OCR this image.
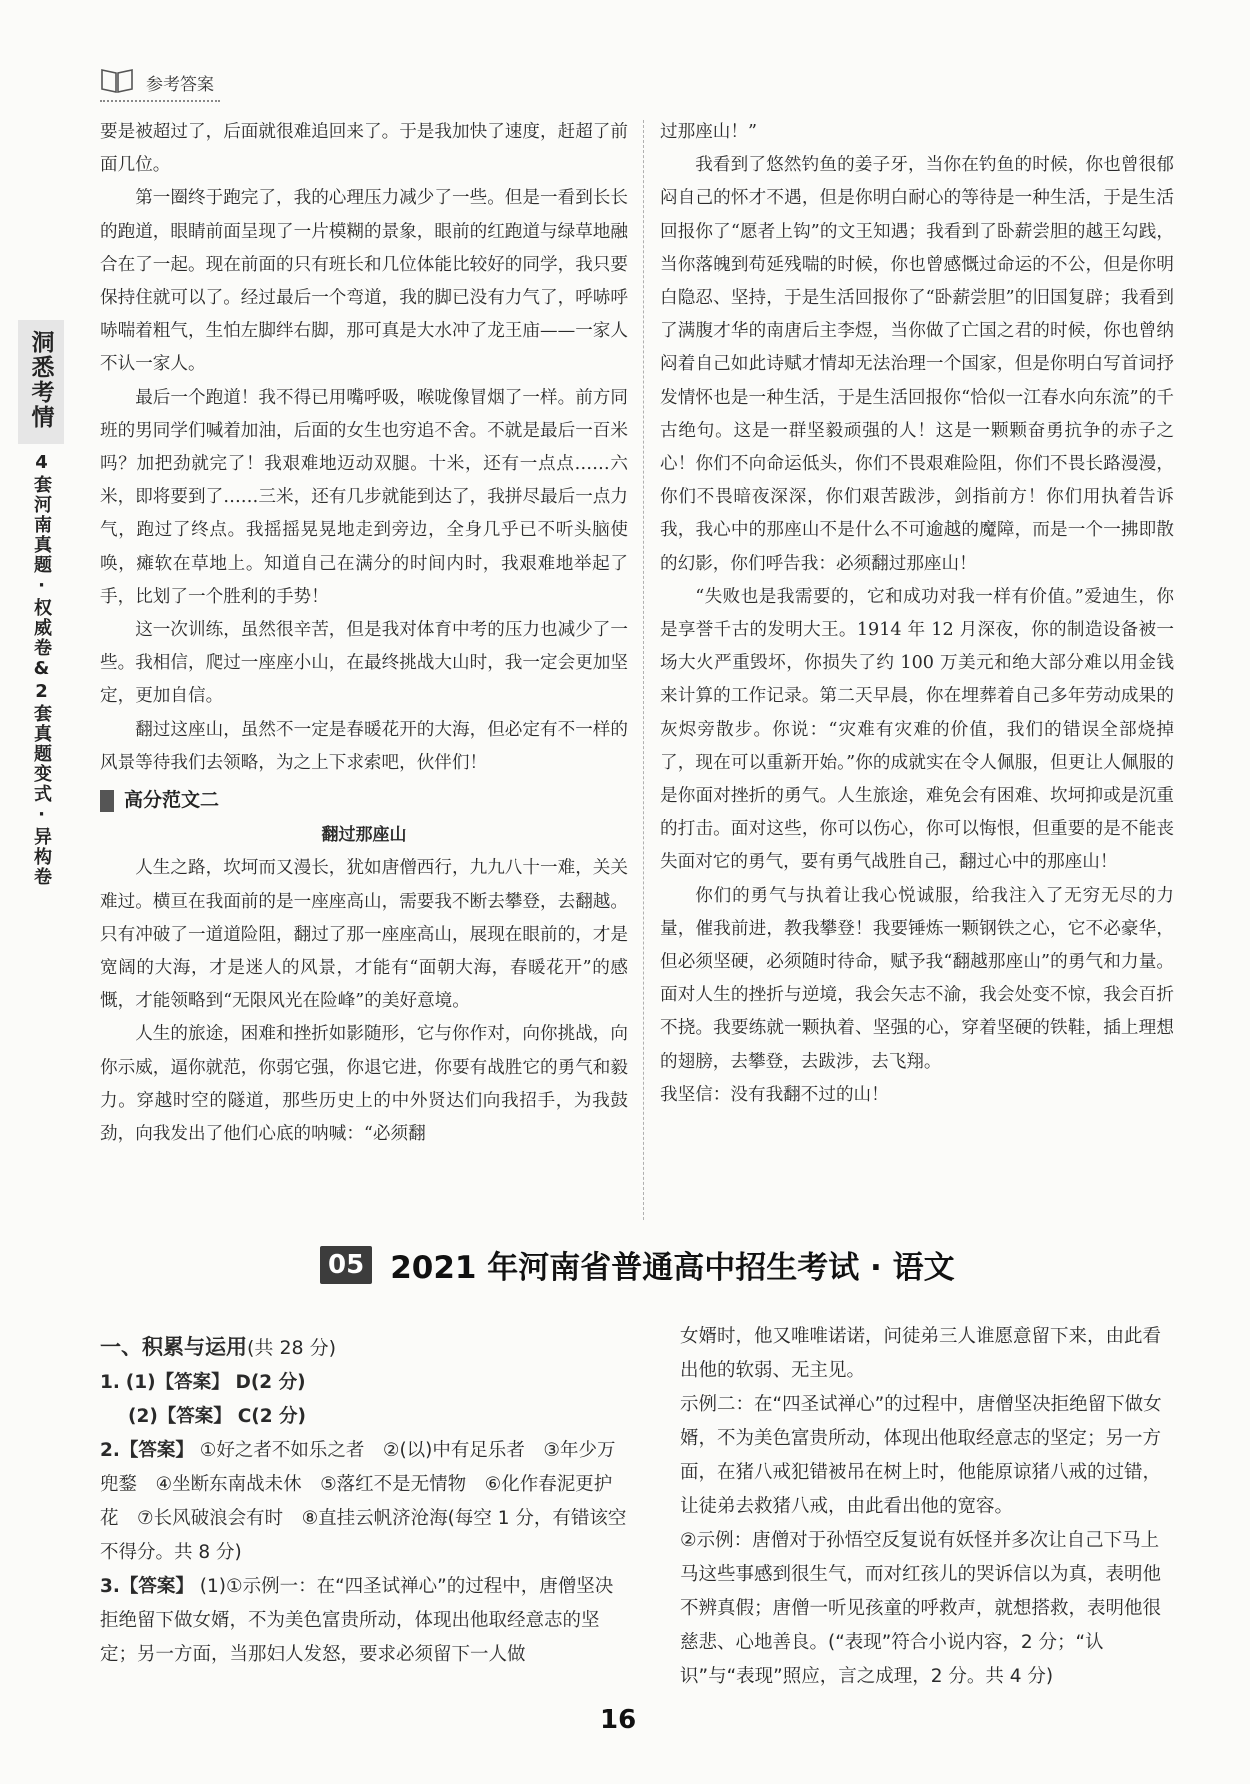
参考答案
洞悉考情
4套河南真题·权威卷&2套真题变式·异构卷

要是被超过了，后面就很难追回来了。于是我加快了速度，赶超了前面几位。

第一圈终于跑完了，我的心理压力减少了一些。但是一看到长长的跑道，眼睛前面呈现了一片模糊的景象，眼前的红跑道与绿草地融合在了一起。现在前面的只有班长和几位体能比较好的同学，我只要保持住就可以了。经过最后一个弯道，我的脚已没有力气了，呼哧呼哧喘着粗气，生怕左脚绊右脚，那可真是大水冲了龙王庙——一家人不认一家人。

最后一个跑道！我不得已用嘴呼吸，喉咙像冒烟了一样。前方同班的男同学们喊着加油，后面的女生也穷追不舍。不就是最后一百米吗？加把劲就完了！我艰难地迈动双腿。十米，还有一点点……六米，即将要到了……三米，还有几步就能到达了，我拼尽最后一点力气，跑过了终点。我摇摇晃晃地走到旁边，全身几乎已不听头脑使唤，瘫软在草地上。知道自己在满分的时间内时，我艰难地举起了手，比划了一个胜利的手势！

这一次训练，虽然很辛苦，但是我对体育中考的压力也减少了一些。我相信，爬过一座座小山，在最终挑战大山时，我一定会更加坚定，更加自信。

翻过这座山，虽然不一定是春暖花开的大海，但必定有不一样的风景等待我们去领略，为之上下求索吧，伙伴们！

高分范文二
翻过那座山

人生之路，坎坷而又漫长，犹如唐僧西行，九九八十一难，关关难过。横亘在我面前的是一座座高山，需要我不断去攀登，去翻越。只有冲破了一道道险阻，翻过了那一座座高山，展现在眼前的，才是宽阔的大海，才是迷人的风景，才能有“面朝大海，春暖花开”的感慨，才能领略到“无限风光在险峰”的美好意境。

人生的旅途，困难和挫折如影随形，它与你作对，向你挑战，向你示威，逼你就范，你弱它强，你退它进，你要有战胜它的勇气和毅力。穿越时空的隧道，那些历史上的中外贤达们向我招手，为我鼓劲，向我发出了他们心底的呐喊：“必须翻

过那座山！”

我看到了悠然钓鱼的姜子牙，当你在钓鱼的时候，你也曾很郁闷自己的怀才不遇，但是你明白耐心的等待是一种生活，于是生活回报你了“愿者上钩”的文王知遇；我看到了卧薪尝胆的越王勾践，当你落魄到苟延残喘的时候，你也曾感慨过命运的不公，但是你明白隐忍、坚持，于是生活回报你了“卧薪尝胆”的旧国复辟；我看到了满腹才华的南唐后主李煜，当你做了亡国之君的时候，你也曾纳闷着自己如此诗赋才情却无法治理一个国家，但是你明白写首词抒发情怀也是一种生活，于是生活回报你“恰似一江春水向东流”的千古绝句。这是一群坚毅顽强的人！这是一颗颗奋勇抗争的赤子之心！你们不向命运低头，你们不畏艰难险阻，你们不畏长路漫漫，你们不畏暗夜深深，你们艰苦跋涉，剑指前方！你们用执着告诉我，我心中的那座山不是什么不可逾越的魔障，而是一个一拂即散的幻影，你们呼告我：必须翻过那座山！

“失败也是我需要的，它和成功对我一样有价值。”爱迪生，你是享誉千古的发明大王。1914 年 12 月深夜，你的制造设备被一场大火严重毁坏，你损失了约 100 万美元和绝大部分难以用金钱来计算的工作记录。第二天早晨，你在埋葬着自己多年劳动成果的灰烬旁散步。你说：“灾难有灾难的价值，我们的错误全部烧掉了，现在可以重新开始。”你的成就实在令人佩服，但更让人佩服的是你面对挫折的勇气。人生旅途，难免会有困难、坎坷抑或是沉重的打击。面对这些，你可以伤心，你可以悔恨，但重要的是不能丧失面对它的勇气，要有勇气战胜自己，翻过心中的那座山！

你们的勇气与执着让我心悦诚服，给我注入了无穷无尽的力量，催我前进，教我攀登！我要锤炼一颗钢铁之心，它不必豪华，但必须坚硬，必须随时待命，赋予我“翻越那座山”的勇气和力量。面对人生的挫折与逆境，我会矢志不渝，我会处变不惊，我会百折不挠。我要练就一颗执着、坚强的心，穿着坚硬的铁鞋，插上理想的翅膀，去攀登，去跋涉，去飞翔。

我坚信：没有我翻不过的山！

05 2021 年河南省普通高中招生考试 · 语文

一、积累与运用(共 28 分)

1. (1)【答案】 D(2 分)

(2)【答案】 C(2 分)

2.【答案】 ①好之者不如乐之者　②(以)中有足乐者　③年少万兜鍪　④坐断东南战未休　⑤落红不是无情物　⑥化作春泥更护花　⑦长风破浪会有时　⑧直挂云帆济沧海(每空 1 分，有错该空不得分。共 8 分)

3.【答案】 (1)①示例一：在“四圣试禅心”的过程中，唐僧坚决拒绝留下做女婿，不为美色富贵所动，体现出他取经意志的坚定；另一方面，当那妇人发怒，要求必须留下一人做

女婿时，他又唯唯诺诺，问徒弟三人谁愿意留下来，由此看出他的软弱、无主见。

示例二：在“四圣试禅心”的过程中，唐僧坚决拒绝留下做女婿，不为美色富贵所动，体现出他取经意志的坚定；另一方面，在猪八戒犯错被吊在树上时，他能原谅猪八戒的过错，让徒弟去救猪八戒，由此看出他的宽容。

②示例：唐僧对于孙悟空反复说有妖怪并多次让自己下马上马这些事感到很生气，而对红孩儿的哭诉信以为真，表明他不辨真假；唐僧一听见孩童的呼救声，就想搭救，表明他很慈悲、心地善良。(“表现”符合小说内容，2 分；“认识”与“表现”照应，言之成理，2 分。共 4 分)

16
